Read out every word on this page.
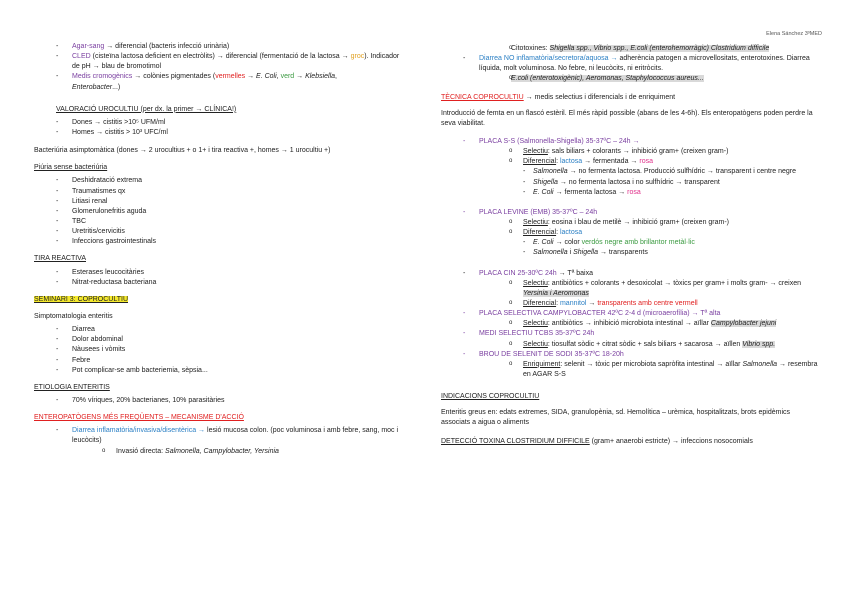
Elena Sánchez 3ºMED
- Agar-sang → diferencial (bacteris infecció urinària)
- CLED (cisteïna lactosa deficient en electròlits) → diferencial (fermentació de la lactosa → groc). Indicador de pH → blau de bromotimol
- Medis cromogènics → colònies pigmentades (vermelles → E. Coli, verd → Klebsiella,
Enterobacter...)

VALORACIÓ UROCULTIU (per dx. la primer → CLÍNICA!)

- Dones → cistitis >10⁵ UFM/ml
- Homes → cistitis > 10³ UFC/ml

Bacteriúria asimptomàtica (dones → 2 urocultius + o 1+ i tira reactiva +, homes → 1 urocultiu +)

Piúria sense bacteriúria

- Deshidratació extrema
- Traumatismes qx
- Litiasi renal
- Glomerulonefritis aguda
- TBC
- Uretritis/cervicitis
- Infeccions gastrointestinals

TIRA REACTIVA

- Esterases leucocitàries
- Nitrat-reductasa bacteriana

SEMINARI 3: COPROCULTIU

Simptomatologia enteritis

- Diarrea
- Dolor abdominal
- Nàusees i vòmits
- Febre
- Pot complicar-se amb bacteriemia, sèpsia...

ETIOLOGIA ENTERITIS

- 70% víriques, 20% bacterianes, 10% parasitàries

ENTEROPATÒGENS MÉS FREQÜENTS – MECANISME D'ACCIÓ

- Diarrea inflamatòria/invasiva/disentèrica → lesió mucosa colon. (poc voluminosa i amb febre, sang, moc i leucòcits)
o Invasió directa: Salmonella, Campylobacter, Yersinia
o Citotoxines: Shigella spp., Vibrio spp., E.coli (enterohemorràgic) Clostridium difficile
- Diarrea NO inflamatòria/secretora/aquosa → adherència patogen a microvellositats, enterotoxines. Diarrea líquida, molt voluminosa. No febre, ni leucòcits, ni eritròcits.
o E.coli (enterotoxigènic), Aeromonas, Staphylococcus aureus...

TÈCNICA COPROCULTIU → medis selectius i diferencials i de enriquiment

Introducció de femta en un flascó estèril. El més ràpid possible (abans de les 4-6h). Els enteropatògens poden perdre la seva viabilitat.

- PLACA S-S (Salmonella-Shigella) 35-37ºC – 24h →
o Selectiu: sals biliars + colorants → inhibició gram+ (creixen gram-)
o Diferencial: lactosa → fermentada → rosa
- Salmonella → no fermenta lactosa. Producció sulfhídric → transparent i centre negre
- Shigella → no fermenta lactosa i no sulfhídric → transparent
- E. Coli → fermenta lactosa → rosa
- PLACA LEVINE (EMB) 35-37ºC – 24h
o Selectiu: eosina i blau de metilè → inhibició gram+ (creixen gram-)
o Diferencial: lactosa
- E. Coli → color verdós negre amb brillantor metàl·lic
- Salmonella i Shigella → transparents
- PLACA CIN 25-30ºC 24h → Tª baixa
o Selectiu: antibiòtics + colorants + desoxicolat → tòxics per gram+ i molts gram- → creixen Yersinia i Aeromonas
o Diferencial: mannitol → transparents amb centre vermell
- PLACA SELECTIVA CAMPYLOBACTER 42ºC 2-4 d (microaerofília) → Tª alta
o Selectiu: antibiòtics → inhibició microbiota intestinal → aïllar Campylobacter jejuni
- MEDI SELECTIU TCBS 35-37ºC 24h
o Selectiu: tiosulfat sòdic + citrat sòdic + sals biliars + sacarosa → aïllen Vibrio spp.
- BROU DE SELENIT DE SODI 35-37ºC 18-20h
o Enriquiment: selenit → tòxic per microbiota sapròfita intestinal → aïllar Salmonella → resembra en AGAR S-S

INDICACIONS COPROCULTIU

Enteritis greus en: edats extremes, SIDA, granulopènia, sd. Hemolítica – urèmica, hospitalitzats, brots epidèmics associats a aigua o aliments

DETECCIÓ TOXINA CLOSTRIDIUM DIFFICILE (gram+ anaerobi estricte) → infeccions nosocomials
